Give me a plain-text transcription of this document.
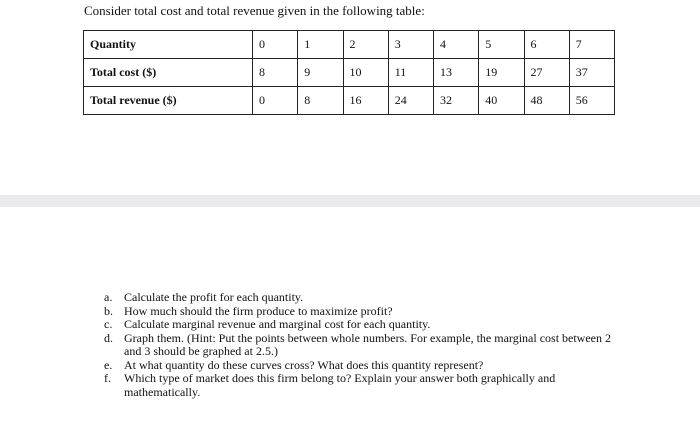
Consider total cost and total revenue given in the following table:
Quantity	0	1	2	3	4	5	6	7
Total cost ($)	8	9	10	11	13	19	27	37
Total revenue ($)	0	8	16	24	32	40	48	56
a. Calculate the profit for each quantity.
b. How much should the firm produce to maximize profit?
c. Calculate marginal revenue and marginal cost for each quantity.
d. Graph them. (Hint: Put the points between whole numbers. For example, the marginal cost between 2 and 3 should be graphed at 2.5.)
e. At what quantity do these curves cross? What does this quantity represent?
f.	Which type of market does this firm belong to? Explain your answer both graphically and mathematically.
